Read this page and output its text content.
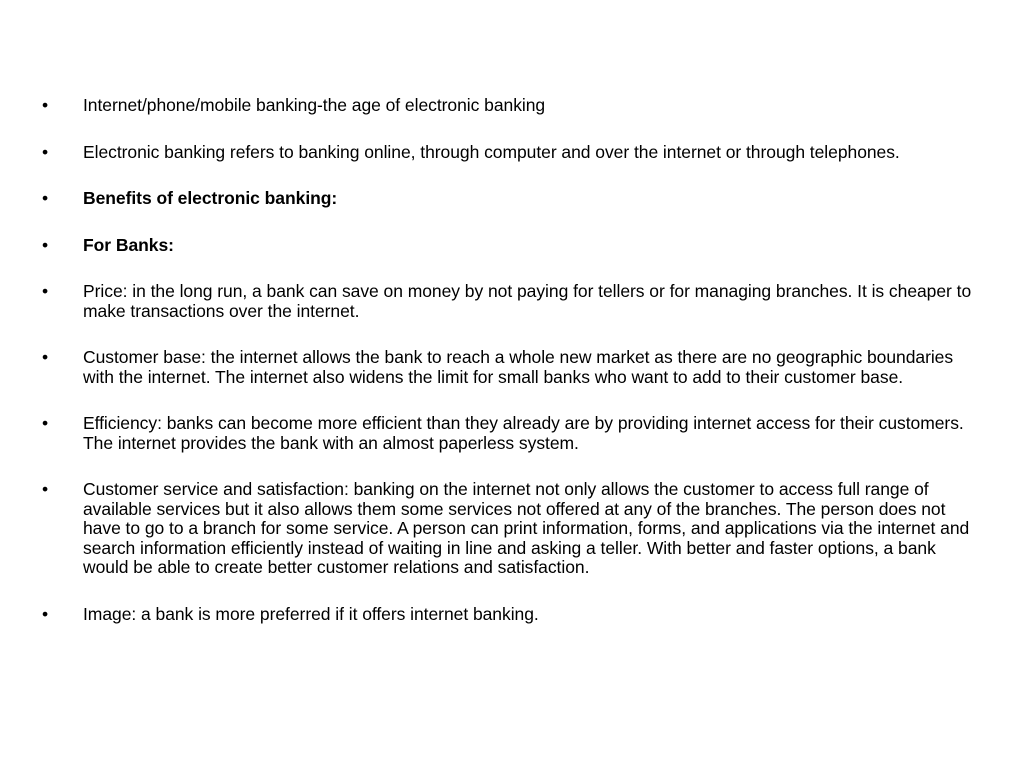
•	Internet/phone/mobile banking-the age of electronic banking
•	Electronic banking refers to banking online, through computer and over the internet or through telephones.
•	Benefits of electronic banking:
•	For Banks:
•	Price: in the long run, a bank can save on money by not paying for tellers or for managing branches. It is cheaper to make transactions over the internet.
•	Customer base: the internet allows the bank to reach a whole new market as there are no geographic boundaries with the internet. The internet also widens the limit for small banks who want to add to their customer base.
•	Efficiency: banks can become more efficient than they already are by providing internet access for their customers. The internet provides the bank with an almost paperless system.
•	Customer service and satisfaction: banking on the internet not only allows the customer to access full range of available services but it also allows them some services not offered at any of the branches. The person does not have to go to a branch for some service. A person can print information, forms, and applications via the internet and search information efficiently instead of waiting in line and asking a teller. With better and faster options, a bank would be able to create better customer relations and satisfaction.
•	Image: a bank is more preferred if it offers internet banking.
